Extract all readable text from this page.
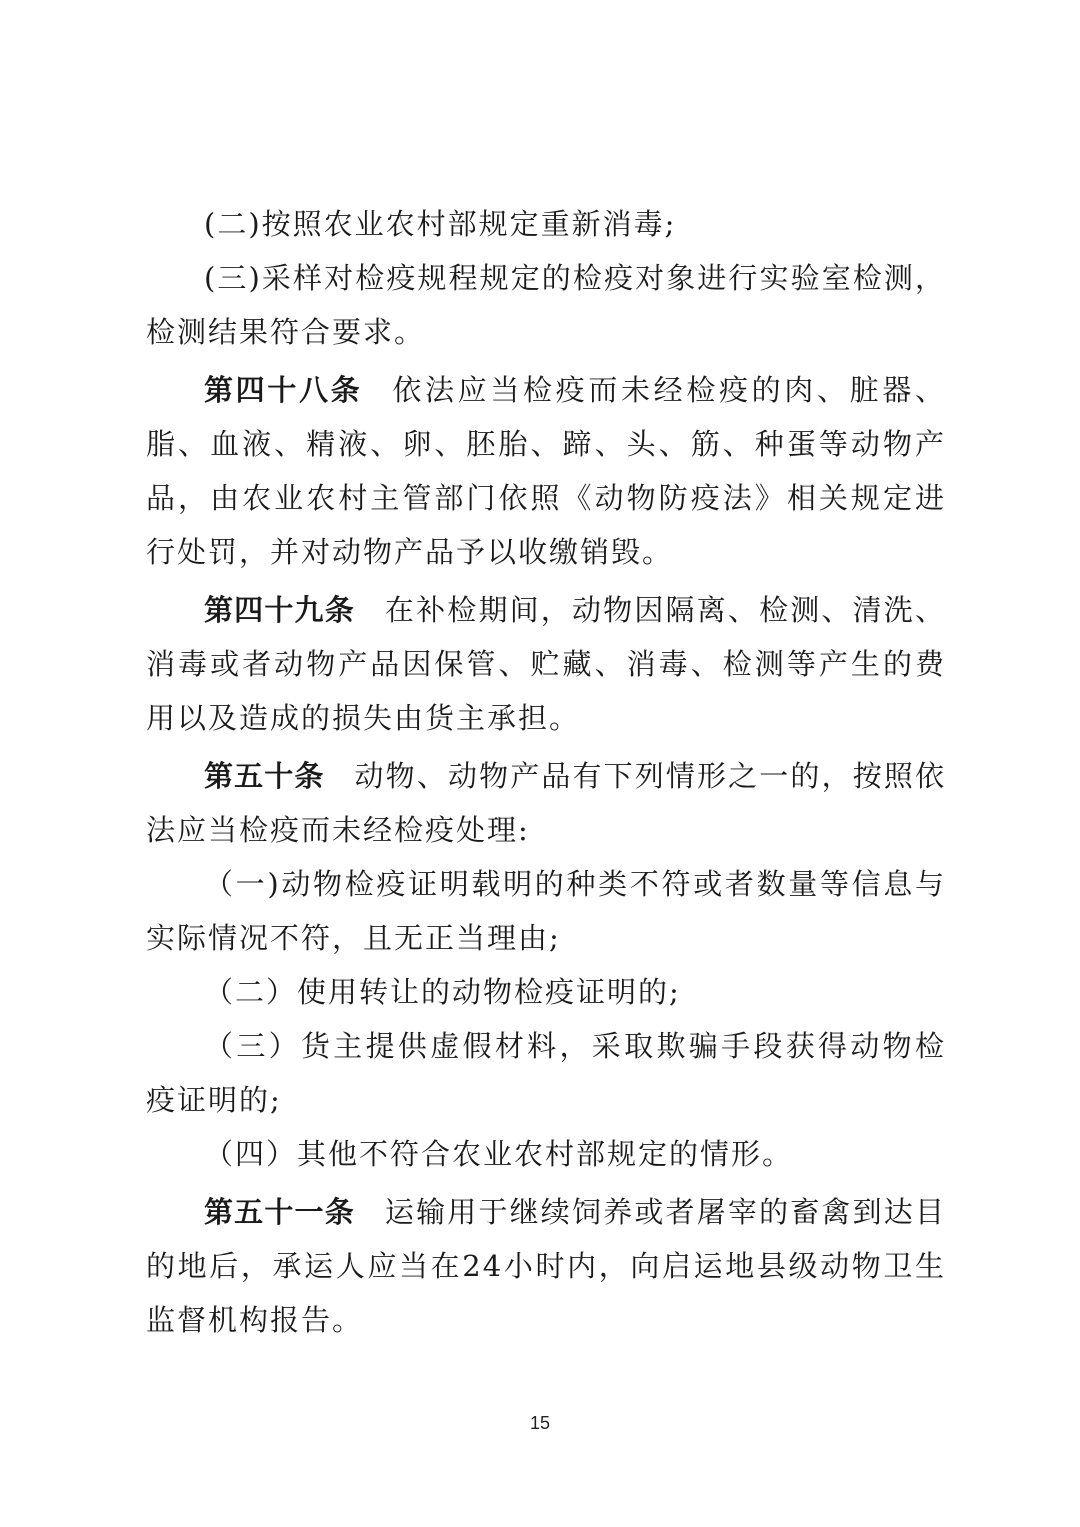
(二)按照农业农村部规定重新消毒;

(三)采样对检疫规程规定的检疫对象进行实验室检测，检测结果符合要求。

第四十八条 依法应当检疫而未经检疫的肉、脏器、脂、血液、精液、卵、胚胎、蹄、头、筋、种蛋等动物产品，由农业农村主管部门依照《动物防疫法》相关规定进行处罚，并对动物产品予以收缴销毁。

第四十九条 在补检期间，动物因隔离、检测、清洗、消毒或者动物产品因保管、贮藏、消毒、检测等产生的费用以及造成的损失由货主承担。

第五十条 动物、动物产品有下列情形之一的，按照依法应当检疫而未经检疫处理:

（一)动物检疫证明载明的种类不符或者数量等信息与实际情况不符，且无正当理由;

（二）使用转让的动物检疫证明的;

（三）货主提供虚假材料，采取欺骗手段获得动物检疫证明的;

（四）其他不符合农业农村部规定的情形。

第五十一条 运输用于继续饲养或者屠宰的畜禽到达目的地后，承运人应当在24小时内，向启运地县级动物卫生监督机构报告。

15
